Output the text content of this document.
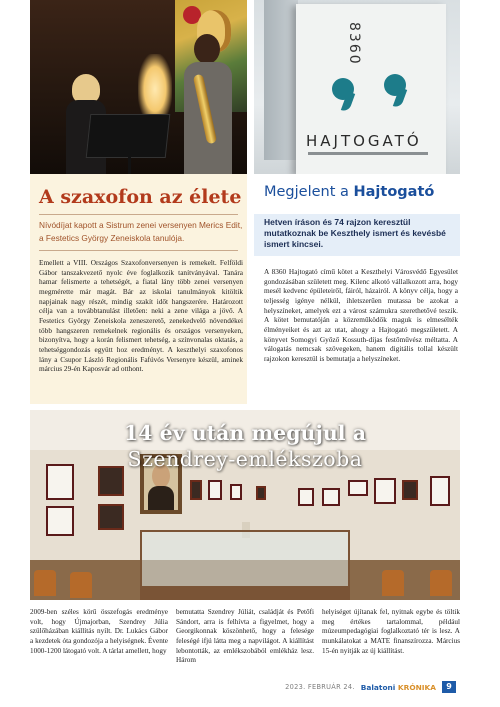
8360
HAJTOGATÓ
A szaxofon az élete
Nívódíjat kapott a Sistrum zenei versenyen Merics Edit, a Festetics György Zeneiskola tanulója.
Emellett a VIII. Országos Szaxofonversenyen is remekelt. Felföldi Gábor tanszakvezető nyolc éve foglalkozik tanítványával. Tanára hamar felismerte a tehetségét, a fiatal lány több zenei versenyen megmérette már magát. Bár az iskolai tanulmányok kitöltik napjainak nagy részét, mindig szakít időt hangszerére. Határozott célja van a továbbtanulást illetően: neki a zene világa a jövő. A Festetics György Zeneiskola zeneszerető, zenekedvelő növendékei több hangszeren remekelnek regionális és országos versenyeken, bizonyítva, hogy a korán felismert tehetség, a színvonalas oktatás, a tehetséggondozás együtt hoz eredményt. A keszthelyi szaxofonos lány a Csupor László Regionális Fafúvós Versenyre készül, aminek március 29-én Kaposvár ad otthont.
Megjelent a Hajtogató
Hetven íráson és 74 rajzon keresztül mutatkoznak be Keszthely ismert és kevésbé ismert kincsei.
A 8360 Hajtogató című kötet a Keszthelyi Városvédő Egyesület gondozásában született meg. Kilenc alkotó vállalkozott arra, hogy mesél kedvenc épületeiről, fáiról, házairól. A könyv célja, hogy a teljesség igénye nélkül, ihletszerűen mutassa be azokat a helyszíneket, amelyek ezt a várost számukra szerethetővé teszik. A kötet bemutatóján a közreműködők maguk is elmesélték élményeiket és azt az utat, ahogy a Hajtogató megszületett. A könyvet Somogyi Győző Kossuth-díjas festőművész méltatta. A válogatás nemcsak szövegeken, hanem digitális tollal készült rajzokon keresztül is bemutatja a helyszíneket.
14 év után megújul a
Szendrey-emlékszoba
2009-ben széles körű összefogás eredménye volt, hogy Újmajorban, Szendrey Júlia szülőházában kiállítás nyílt. Dr. Lukács Gábor a kezdetek óta gondozója a helyiségnek. Évente 1000-1200 látogató volt. A tárlat amellett, hogy
bemutatta Szendrey Júliát, családját és Petőfi Sándort, arra is felhívta a figyelmet, hogy a Georgikonnak köszönhető, hogy a felesége feleségé ifjú látta meg a napvilágot. A kiállítást lebontották, az emlékszobából emlékház lesz. Három
helyiséget újítanak fel, nyitnak egybe és töltik meg értékes tartalommal, például múzeumpedagógiai foglalkoztató tér is lesz. A munkálatokat a MATE finanszírozza. Március 15-én nyitják az új kiállítást.
2023. FEBRUÁR 24. Balatoni KRÓNIKA	9
